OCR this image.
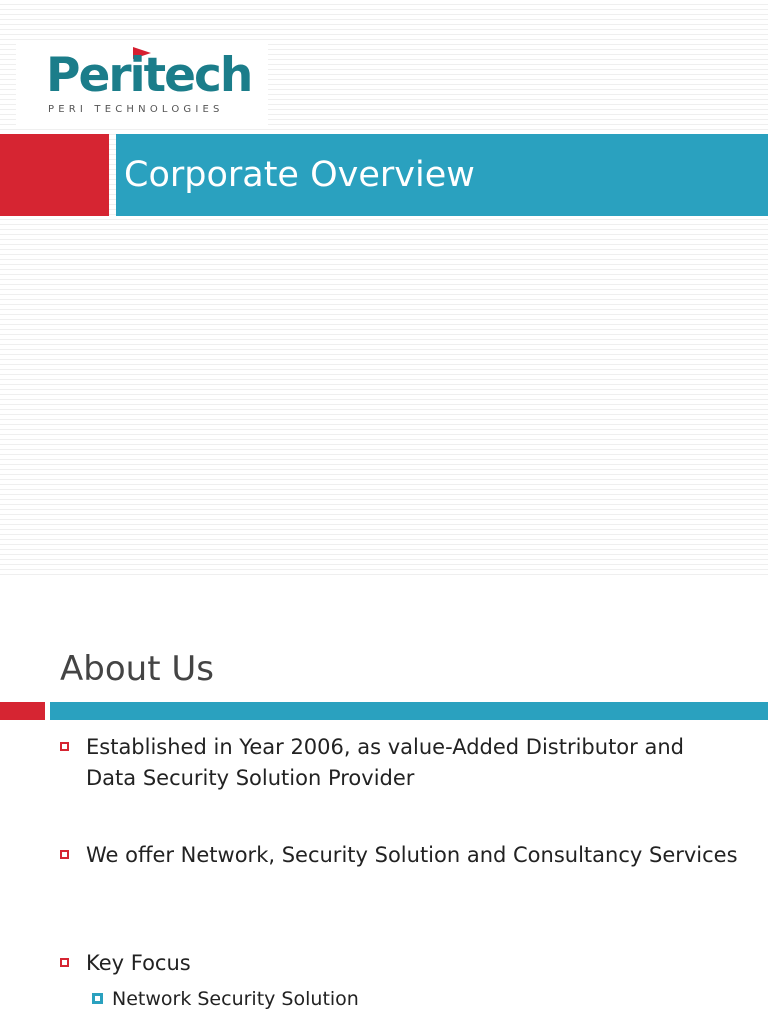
Peritech
PERI TECHNOLOGIES
Corporate Overview
About Us
Established in Year 2006, as value-Added Distributor and Data Security Solution Provider
We offer Network, Security Solution and Consultancy Services
Key Focus
Network Security Solution
